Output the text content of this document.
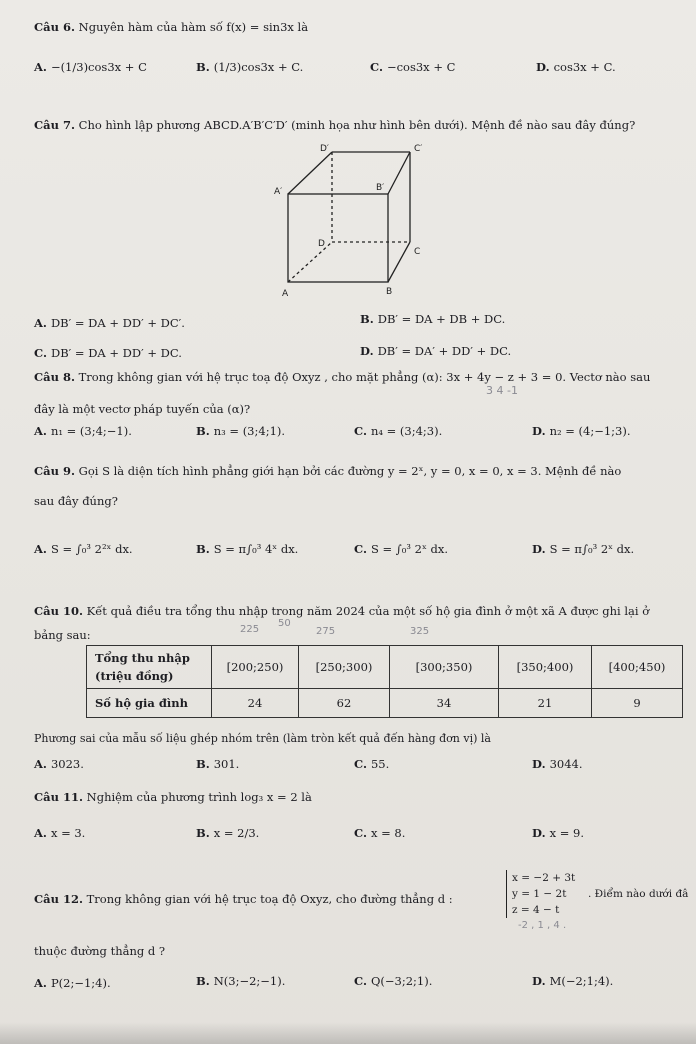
Câu 6. Nguyên hàm của hàm số f(x) = sin3x là
A. −(1/3)cos3x + C	B. (1/3)cos3x + C.	C. −cos3x + C	D. cos3x + C.
Câu 7. Cho hình lập phương ABCD.A′B′C′D′ (minh họa như hình bên dưới). Mệnh đề nào sau đây đúng?
D′	C′
A′	B′
D
C
A	B
A. DB′ = DA + DD′ + DC′.	B. DB′ = DA + DB + DC.
C. DB′ = DA + DD′ + DC.	D. DB′ = DA′ + DD′ + DC.
Câu 8. Trong không gian với hệ trục toạ độ Oxyz , cho mặt phẳng (α): 3x + 4y − z + 3 = 0. Vectơ nào sau
3 4 -1
đây là một vectơ pháp tuyến của (α)?
A. n₁ = (3;4;−1).	B. n₃ = (3;4;1).	C. n₄ = (3;4;3).	D. n₂ = (4;−1;3).
Câu 9. Gọi S là diện tích hình phẳng giới hạn bởi các đường y = 2ˣ, y = 0, x = 0, x = 3. Mệnh đề nào
sau đây đúng?
A. S = ∫₀³ 2²ˣ dx.	B. S = π∫₀³ 4ˣ dx.	C. S = ∫₀³ 2ˣ dx.	D. S = π∫₀³ 2ˣ dx.
Câu 10. Kết quả điều tra tổng thu nhập trong năm 2024 của một số hộ gia đình ở một xã A được ghi lại ở
bảng sau:	225
50
275	325
Tổng thu nhập
(triệu đồng)	[200;250)	[250;300)	[300;350)	[350;400)	[400;450)
Số hộ gia đình	24	62	34	21	9
Phương sai của mẫu số liệu ghép nhóm trên (làm tròn kết quả đến hàng đơn vị) là
A. 3023.	B. 301.	C. 55.	D. 3044.
Câu 11. Nghiệm của phương trình log₃ x = 2 là
A. x = 3.	B. x = 2/3.	C. x = 8.	D. x = 9.
Câu 12. Trong không gian với hệ trục toạ độ Oxyz, cho đường thẳng d :
x = −2 + 3t
y = 1 − 2t
z = 4 − t
. Điểm nào dưới đâ
-2 , 1 , 4 .
thuộc đường thẳng d ?
A. P(2;−1;4).	B. N(3;−2;−1).	C. Q(−3;2;1).	D. M(−2;1;4).
